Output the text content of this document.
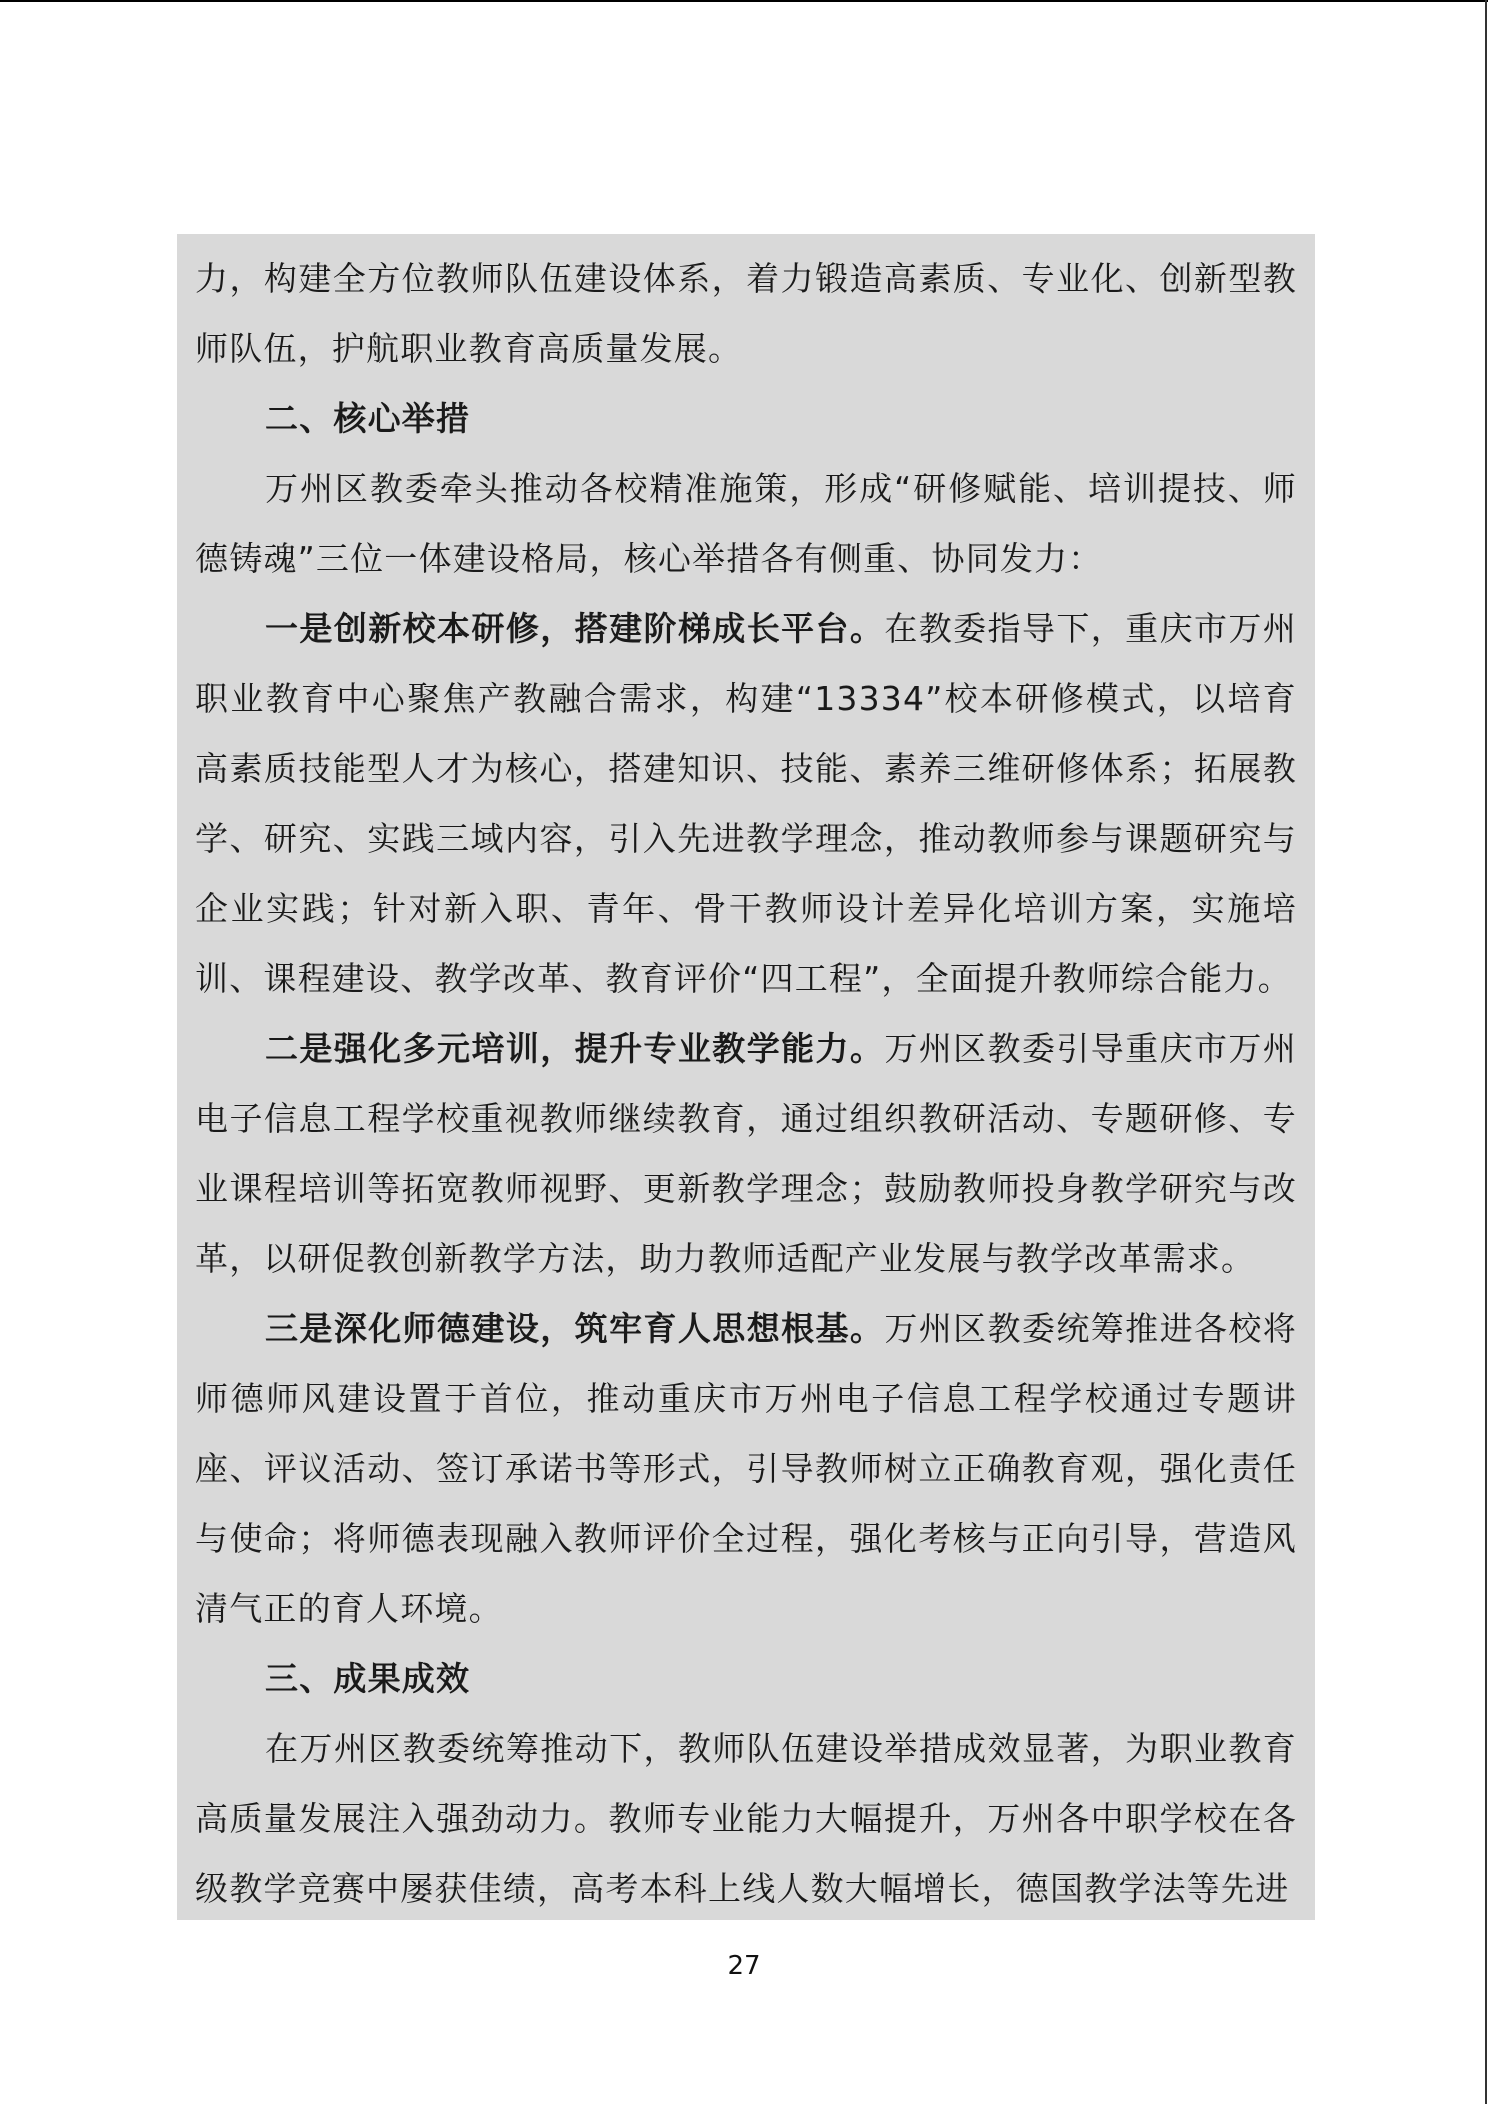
力，构建全方位教师队伍建设体系，着力锻造高素质、专业化、创新型教师队伍，护航职业教育高质量发展。

二、核心举措

万州区教委牵头推动各校精准施策，形成“研修赋能、培训提技、师德铸魂”三位一体建设格局，核心举措各有侧重、协同发力：

一是创新校本研修，搭建阶梯成长平台。在教委指导下，重庆市万州职业教育中心聚焦产教融合需求，构建“13334”校本研修模式，以培育高素质技能型人才为核心，搭建知识、技能、素养三维研修体系；拓展教学、研究、实践三域内容，引入先进教学理念，推动教师参与课题研究与企业实践；针对新入职、青年、骨干教师设计差异化培训方案，实施培训、课程建设、教学改革、教育评价“四工程”，全面提升教师综合能力。

二是强化多元培训，提升专业教学能力。万州区教委引导重庆市万州电子信息工程学校重视教师继续教育，通过组织教研活动、专题研修、专业课程培训等拓宽教师视野、更新教学理念；鼓励教师投身教学研究与改革，以研促教创新教学方法，助力教师适配产业发展与教学改革需求。

三是深化师德建设，筑牢育人思想根基。万州区教委统筹推进各校将师德师风建设置于首位，推动重庆市万州电子信息工程学校通过专题讲座、评议活动、签订承诺书等形式，引导教师树立正确教育观，强化责任与使命；将师德表现融入教师评价全过程，强化考核与正向引导，营造风清气正的育人环境。

三、成果成效

在万州区教委统筹推动下，教师队伍建设举措成效显著，为职业教育高质量发展注入强劲动力。教师专业能力大幅提升，万州各中职学校在各级教学竞赛中屡获佳绩，高考本科上线人数大幅增长，德国教学法等先进

27
